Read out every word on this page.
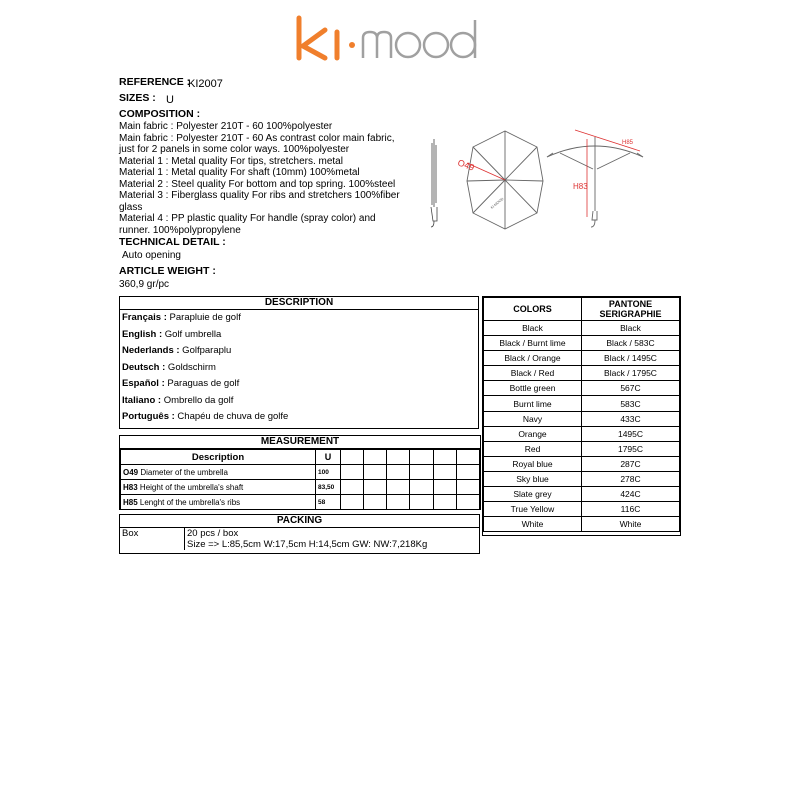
REFERENCE :
KI2007
SIZES : U
COMPOSITION :
Main fabric : Polyester 210T - 60 100%polyester
Main fabric : Polyester 210T - 60 As contrast color main fabric,
just for 2 panels in some color ways. 100%polyester
Material 1 : Metal quality For tips, stretchers. metal
Material 1 : Metal quality For shaft (10mm) 100%metal
Material 2 : Steel quality For bottom and top spring. 100%steel
Material 3 : Fiberglass quality For ribs and stretchers 100%fiber
glass
Material 4 : PP plastic quality For handle (spray color) and
runner. 100%polypropylene
TECHNICAL DETAIL :
Auto opening
ARTICLE WEIGHT :
360,9 gr/pc
O49
KI-MOOD
H85
H83
DESCRIPTION
Français : Parapluie de golf
English : Golf umbrella
Nederlands : Golfparaplu
Deutsch : Goldschirm
Español : Paraguas de golf
Italiano : Ombrello da golf
Português : Chapéu de chuva de golfe
COLORS	PANTONE
SERIGRAPHIE

Black	Black
Black / Burnt lime	Black / 583C
Black / Orange	Black / 1495C
Black / Red	Black / 1795C
Bottle green	567C
Burnt lime	583C
Navy	433C
Orange	1495C
Red	1795C
Royal blue	287C
Sky blue	278C
Slate grey	424C
True Yellow	116C
White	White
MEASUREMENT
Description	U						
O49 Diameter of the umbrella	100						
H83 Height of the umbrella's shaft	83,50						
H85 Lenght of the umbrella's ribs	58						
PACKING
Box	20 pcs / box
Size => L:85,5cm W:17,5cm H:14,5cm GW: NW:7,218Kg
